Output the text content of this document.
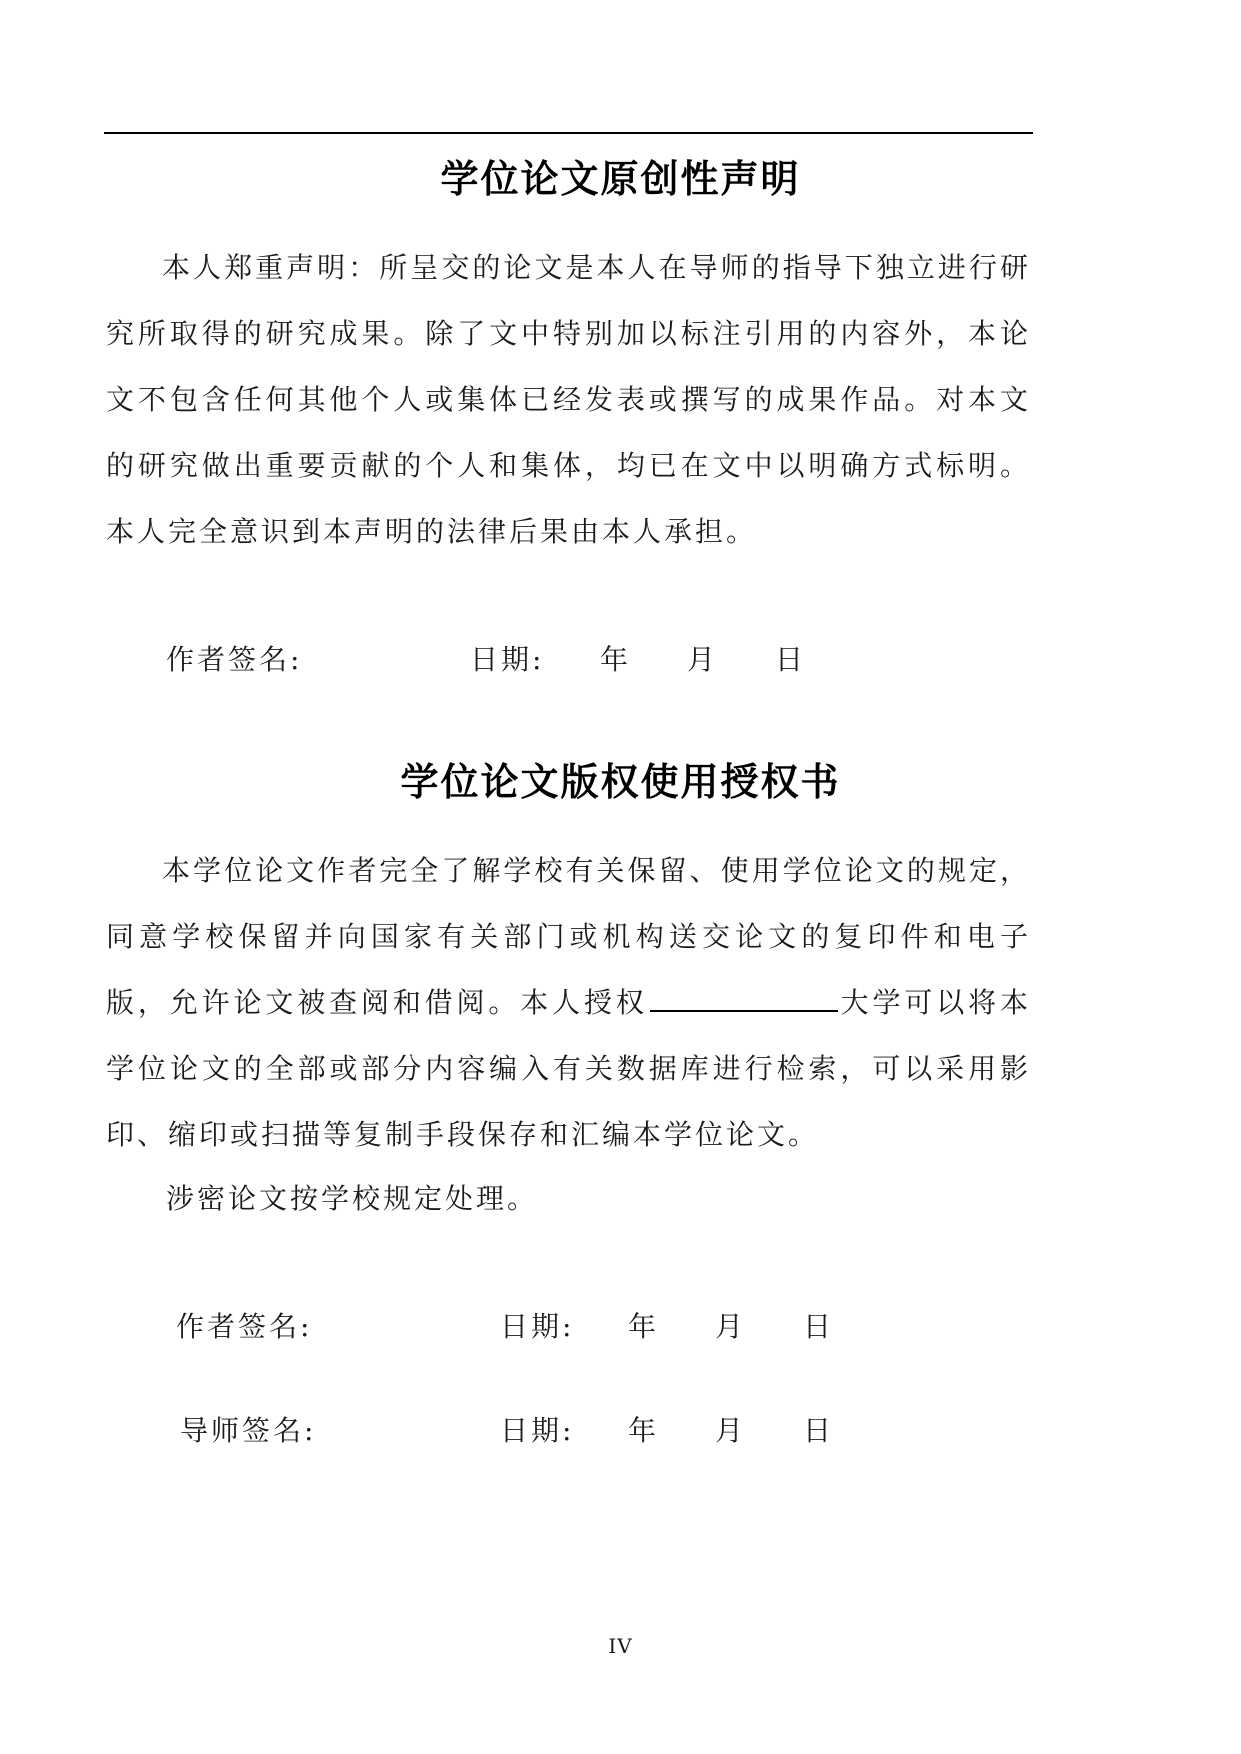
学位论文原创性声明
本人郑重声明：所呈交的论文是本人在导师的指导下独立进行研究所取得的研究成果。除了文中特别加以标注引用的内容外，本论文不包含任何其他个人或集体已经发表或撰写的成果作品。对本文的研究做出重要贡献的个人和集体，均已在文中以明确方式标明。本人完全意识到本声明的法律后果由本人承担。
作者签名:	日期: 年 月 日
学位论文版权使用授权书
本学位论文作者完全了解学校有关保留、使用学位论文的规定，同意学校保留并向国家有关部门或机构送交论文的复印件和电子版，允许论文被查阅和借阅。本人授权	大学可以将本学位论文的全部或部分内容编入有关数据库进行检索，可以采用影印、缩印或扫描等复制手段保存和汇编本学位论文。
涉密论文按学校规定处理。
作者签名:	日期: 年 月 日
导师签名:	日期: 年 月 日
IV
